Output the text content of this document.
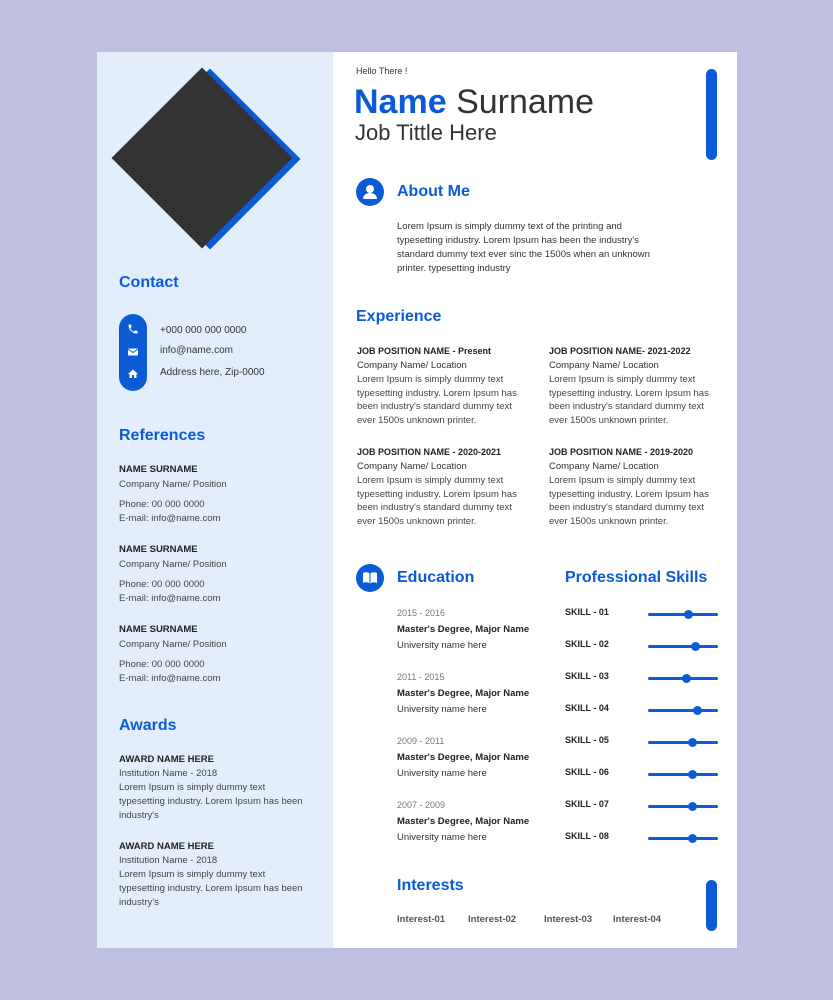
Contact
+000 000 000 0000
info@name.com
Address here, Zip-0000
References
NAME SURNAME
Company Name/ Position
Phone: 00 000 0000
E-mail: info@name.com
NAME SURNAME
Company Name/ Position
Phone: 00 000 0000
E-mail: info@name.com
NAME SURNAME
Company Name/ Position
Phone: 00 000 0000
E-mail: info@name.com
Awards
AWARD NAME HERE
Institution Name - 2018
Lorem Ipsum is simply dummy text typesetting industry. Lorem Ipsum has been industry's
AWARD NAME HERE
Institution Name - 2018
Lorem Ipsum is simply dummy text typesetting industry. Lorem Ipsum has been industry's
Hello There !
Name Surname
Job Tittle Here
About Me
Lorem Ipsum is simply dummy text of the printing and typesetting industry. Lorem Ipsum has been the industry's standard dummy text ever sinc the 1500s when an unknown printer. typesetting industry
Experience
JOB POSITION NAME - Present
Company Name/ Location
Lorem Ipsum is simply dummy text typesetting industry. Lorem Ipsum has been industry's standard dummy text ever 1500s unknown printer.
JOB POSITION NAME- 2021-2022
Company Name/ Location
Lorem Ipsum is simply dummy text typesetting industry. Lorem Ipsum has been industry's standard dummy text ever 1500s unknown printer.
JOB POSITION NAME - 2020-2021
Company Name/ Location
Lorem Ipsum is simply dummy text typesetting industry. Lorem Ipsum has been industry's standard dummy text ever 1500s unknown printer.
JOB POSITION NAME - 2019-2020
Company Name/ Location
Lorem Ipsum is simply dummy text typesetting industry. Lorem Ipsum has been industry's standard dummy text ever 1500s unknown printer.
Education
2015 - 2016
Master's Degree, Major Name
University name here
2011 - 2015
Master's Degree, Major Name
University name here
2009 - 2011
Master's Degree, Major Name
University name here
2007 - 2009
Master's Degree, Major Name
University name here
Professional Skills
SKILL - 01
SKILL - 02
SKILL - 03
SKILL - 04
SKILL - 05
SKILL - 06
SKILL - 07
SKILL - 08
Interests
Interest-01 Interest-02	Interest-03 Interest-04
